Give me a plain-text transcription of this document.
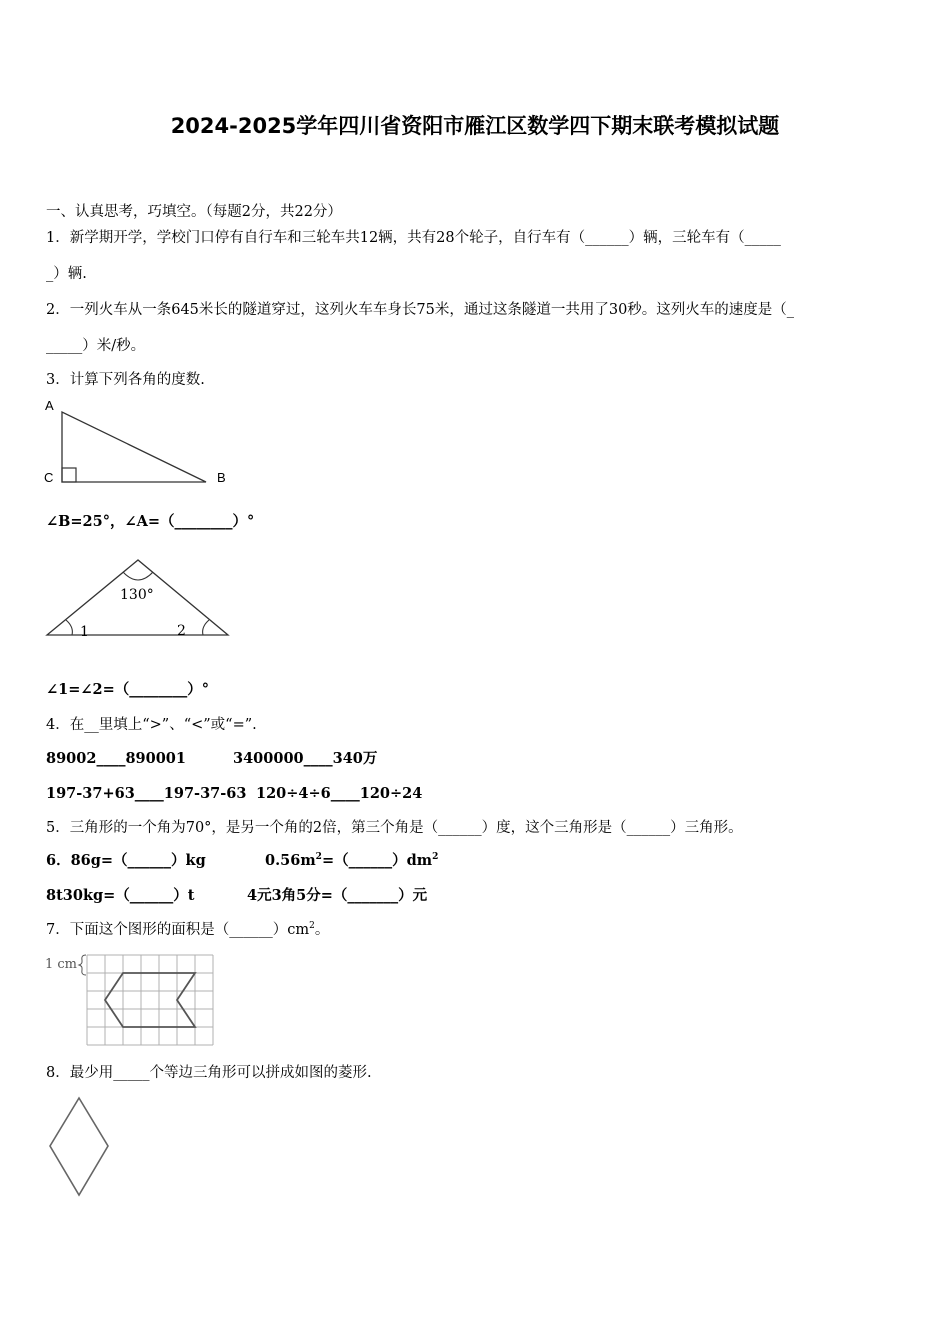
2024-2025学年四川省资阳市雁江区数学四下期末联考模拟试题
一、认真思考，巧填空。（每题2分，共22分）
1．新学期开学，学校门口停有自行车和三轮车共12辆，共有28个轮子，自行车有（______）辆，三轮车有（_____
_）辆.
2．一列火车从一条645米长的隧道穿过，这列火车车身长75米，通过这条隧道一共用了30秒。这列火车的速度是（_
_____）米/秒。
3．计算下列各角的度数.
A
C	B
∠B=25°，∠A=（________）°
130°
1	2
∠1=∠2=（________）°
4．在__里填上“>”、“<”或“=”.
89002____890001	3400000____340万
197-37+63____197-37-63 120÷4÷6____120÷24
5．三角形的一个角为70°，是另一个角的2倍，第三个角是（______）度，这个三角形是（______）三角形。
6．86g=（______）kg	$0.56m^2=(\_\_\_\_\_\_)dm^2$
8t30kg=（______）t	4元3角5分=（_______）元
7．下面这个图形的面积是$(\_\_\_\_\_\_)cm^2$。
1 cm
8．最少用_____个等边三角形可以拼成如图的菱形.
